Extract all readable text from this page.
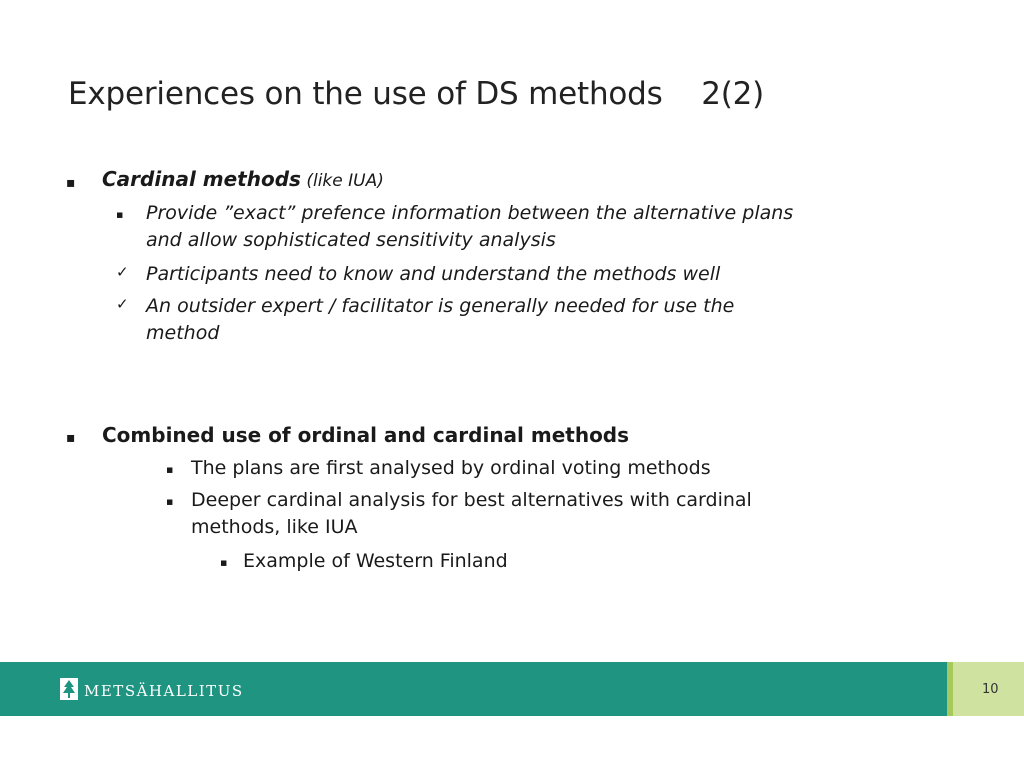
Experiences on the use of DS methods    2(2)
▪ Cardinal methods (like IUA)
▪ Provide ”exact” prefence information between the alternative plans
and allow sophisticated sensitivity analysis
✓ Participants need to know and understand the methods well
✓ An outsider expert / facilitator is generally needed for use the
method
▪ Combined use of ordinal and cardinal methods
▪ The plans are first analysed by ordinal voting methods
▪ Deeper cardinal analysis for best alternatives with cardinal
methods, like IUA
▪ Example of Western Finland
METSÄHALLITUS	10
